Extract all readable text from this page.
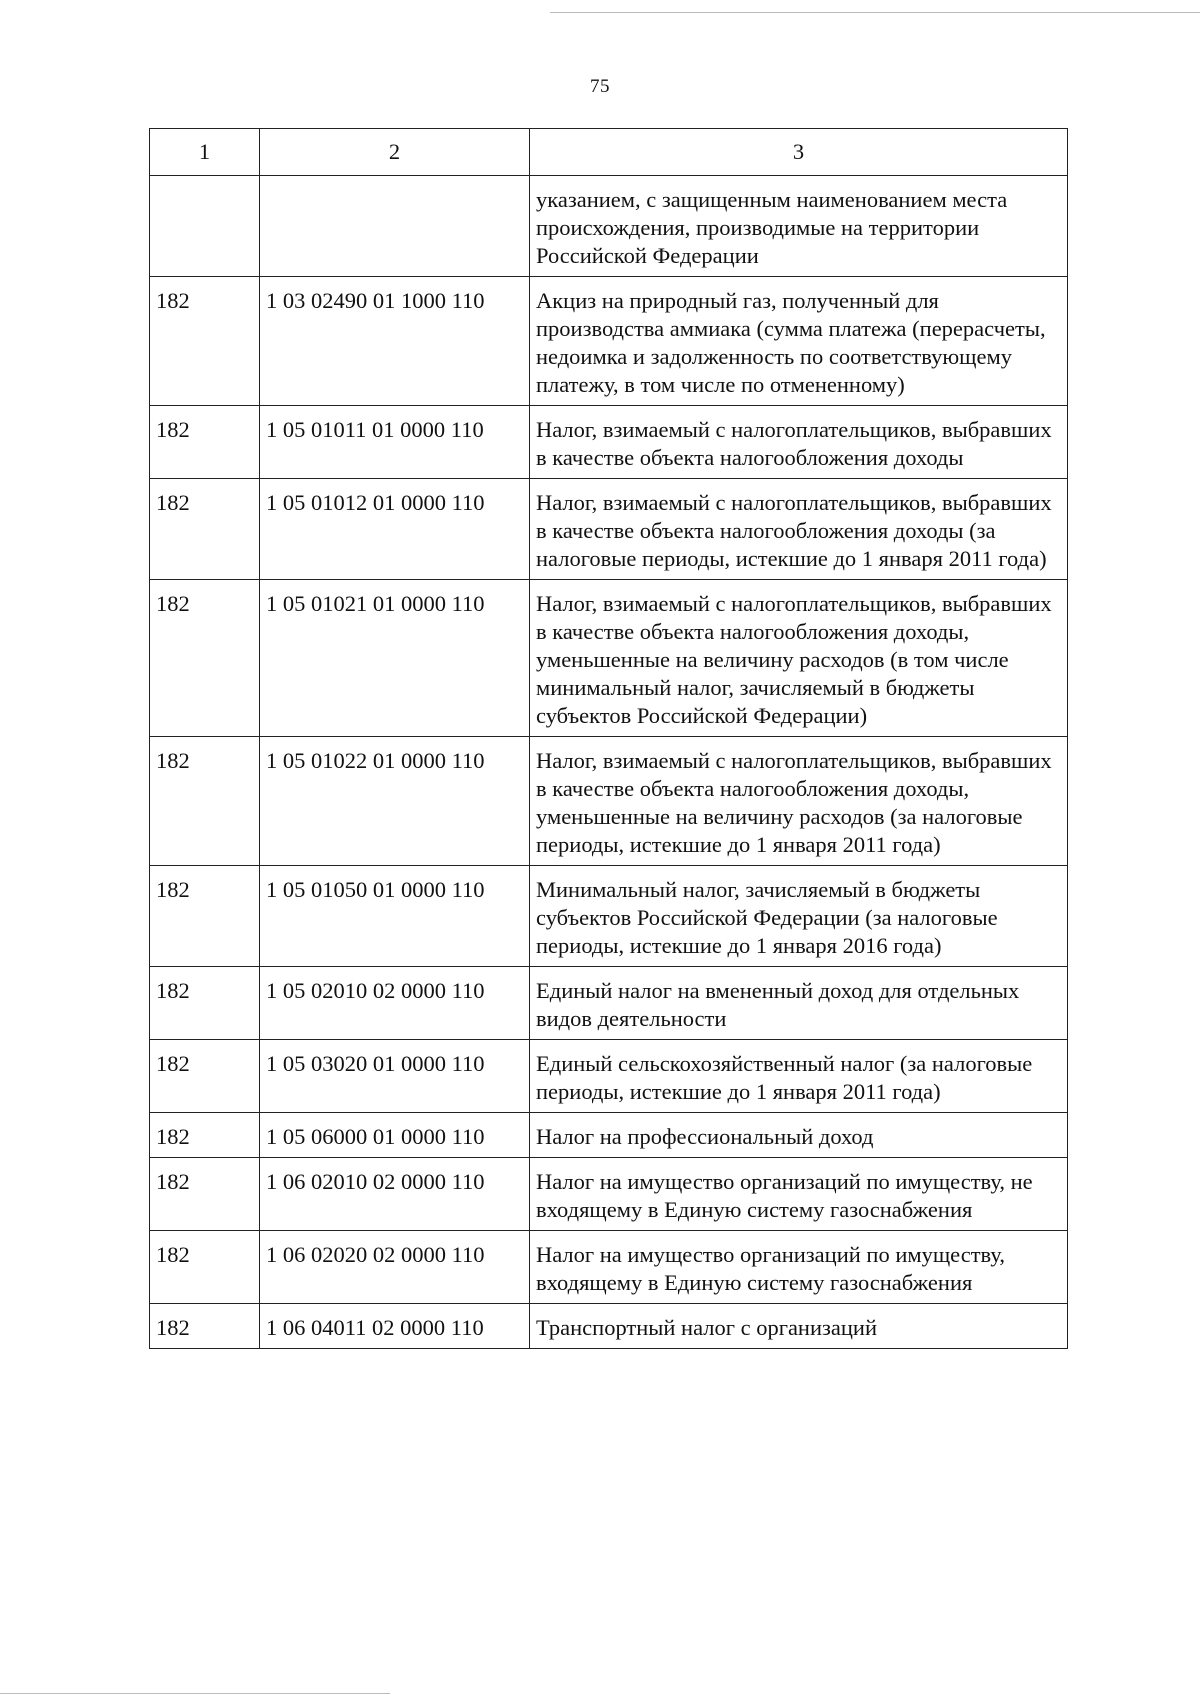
75
1	2	3
		указанием, с защищенным наименованием места происхождения, производимые на территории Российской Федерации
182	1 03 02490 01 1000 110	Акциз на природный газ, полученный для производства аммиака (сумма платежа (перерасчеты, недоимка и задолженность по соответствующему платежу, в том числе по отмененному)
182	1 05 01011 01 0000 110	Налог, взимаемый с налогоплательщиков, выбравших в качестве объекта налогообложения доходы
182	1 05 01012 01 0000 110	Налог, взимаемый с налогоплательщиков, выбравших в качестве объекта налогообложения доходы (за налоговые периоды, истекшие до 1 января 2011 года)
182	1 05 01021 01 0000 110	Налог, взимаемый с налогоплательщиков, выбравших в качестве объекта налогообложения доходы, уменьшенные на величину расходов (в том числе минимальный налог, зачисляемый в бюджеты субъектов Российской Федерации)
182	1 05 01022 01 0000 110	Налог, взимаемый с налогоплательщиков, выбравших в качестве объекта налогообложения доходы, уменьшенные на величину расходов (за налоговые периоды, истекшие до 1 января 2011 года)
182	1 05 01050 01 0000 110	Минимальный налог, зачисляемый в бюджеты субъектов Российской Федерации (за налоговые периоды, истекшие до 1 января 2016 года)
182	1 05 02010 02 0000 110	Единый налог на вмененный доход для отдельных видов деятельности
182	1 05 03020 01 0000 110	Единый сельскохозяйственный налог (за налоговые периоды, истекшие до 1 января 2011 года)
182	1 05 06000 01 0000 110	Налог на профессиональный доход
182	1 06 02010 02 0000 110	Налог на имущество организаций по имуществу, не входящему в Единую систему газоснабжения
182	1 06 02020 02 0000 110	Налог на имущество организаций по имуществу, входящему в Единую систему газоснабжения
182	1 06 04011 02 0000 110	Транспортный налог с организаций
